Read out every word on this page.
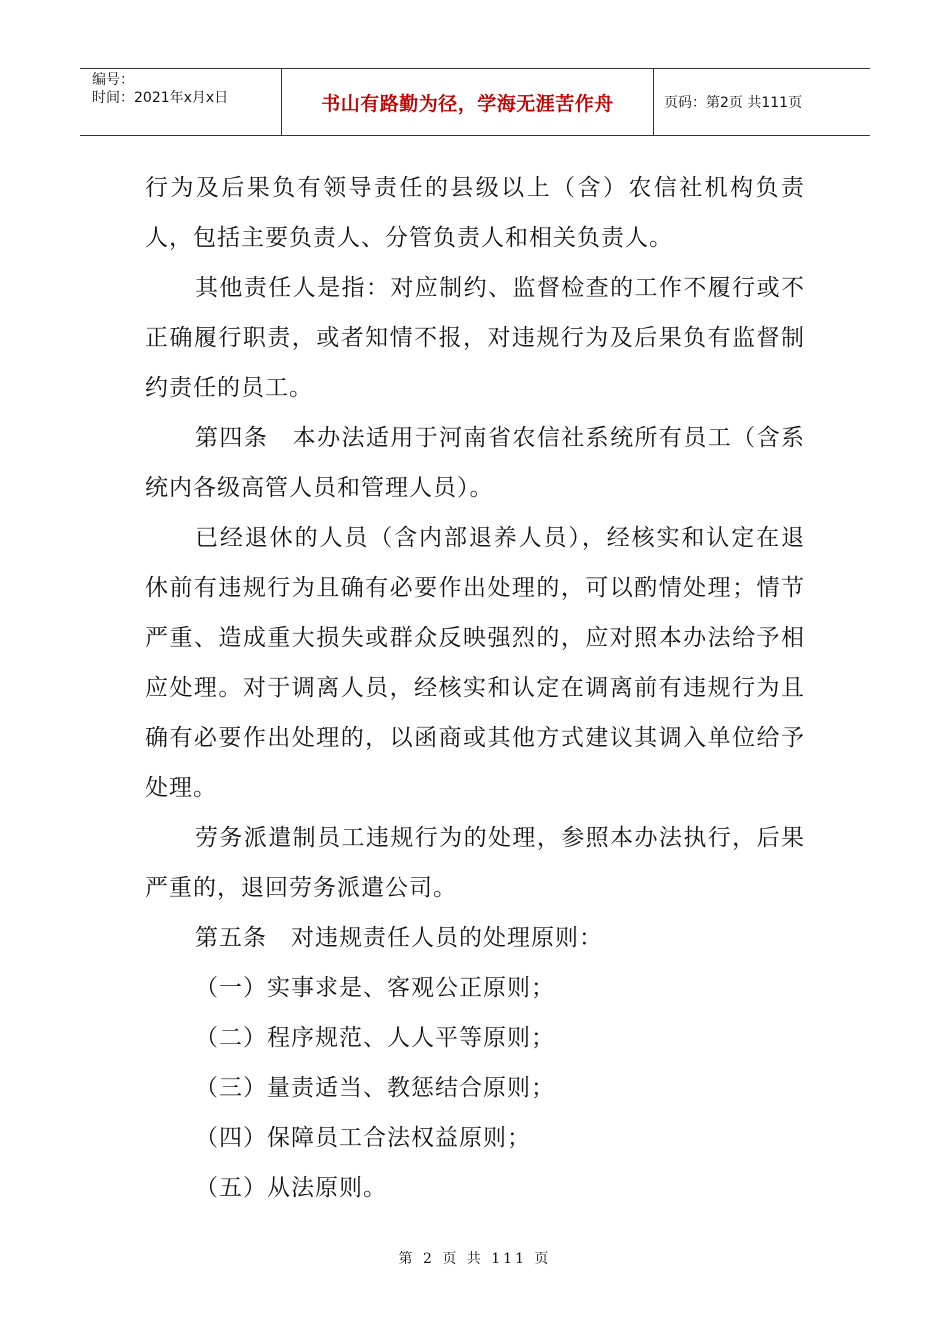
编号：
时间：2021年x月x日	书山有路勤为径，学海无涯苦作舟	页码：第2页 共111页

行为及后果负有领导责任的县级以上（含）农信社机构负责人，包括主要负责人、分管负责人和相关负责人。

其他责任人是指：对应制约、监督检查的工作不履行或不正确履行职责，或者知情不报，对违规行为及后果负有监督制约责任的员工。

第四条　本办法适用于河南省农信社系统所有员工（含系统内各级高管人员和管理人员）。

已经退休的人员（含内部退养人员），经核实和认定在退休前有违规行为且确有必要作出处理的，可以酌情处理；情节严重、造成重大损失或群众反映强烈的，应对照本办法给予相应处理。对于调离人员，经核实和认定在调离前有违规行为且确有必要作出处理的，以函商或其他方式建议其调入单位给予处理。

劳务派遣制员工违规行为的处理，参照本办法执行，后果严重的，退回劳务派遣公司。

第五条　对违规责任人员的处理原则：

（一）实事求是、客观公正原则；

（二）程序规范、人人平等原则；

（三）量责适当、教惩结合原则；

（四）保障员工合法权益原则；

（五）从法原则。

第 2 页 共 111 页
